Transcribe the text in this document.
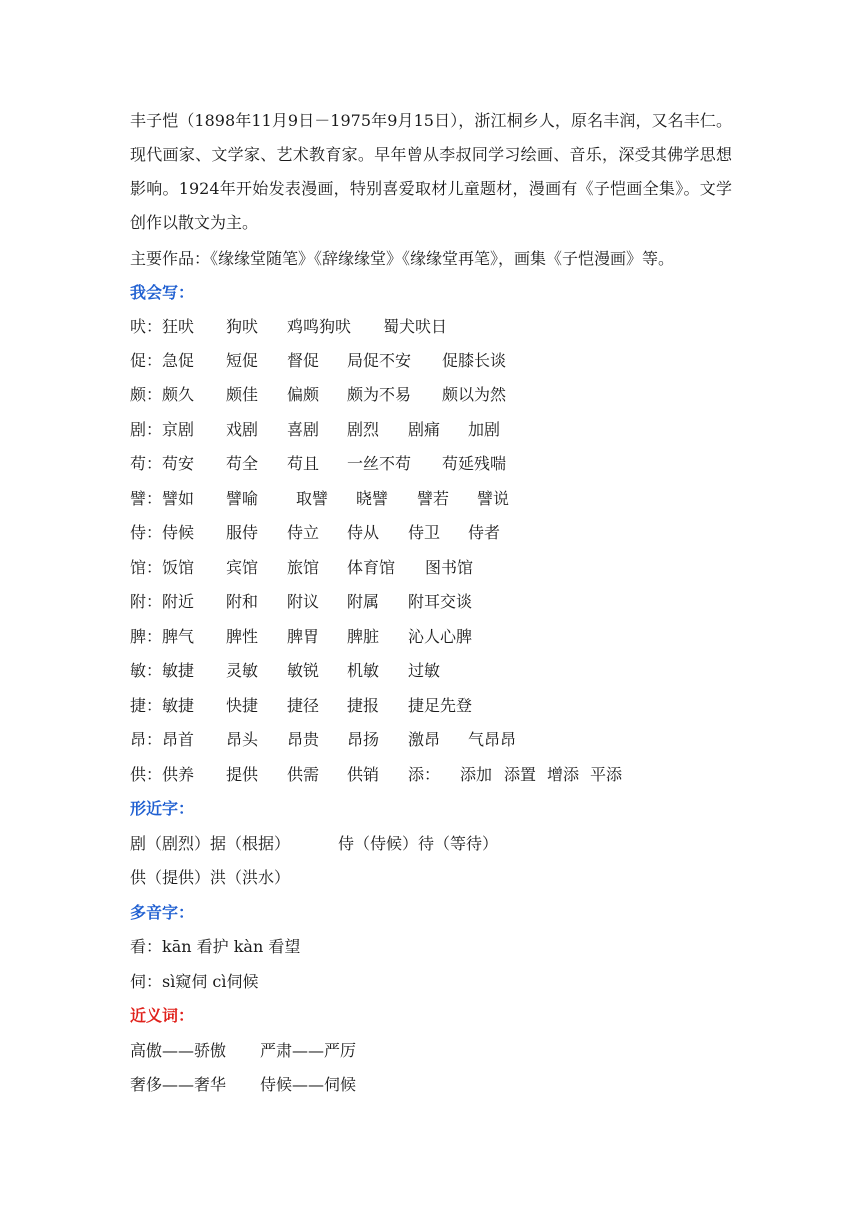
丰子恺（1898年11月9日－1975年9月15日），浙江桐乡人，原名丰润，又名丰仁。现代画家、文学家、艺术教育家。早年曾从李叔同学习绘画、音乐，深受其佛学思想影响。1924年开始发表漫画，特别喜爱取材儿童题材，漫画有《子恺画全集》。文学创作以散文为主。

主要作品：《缘缘堂随笔》《辞缘缘堂》《缘缘堂再笔》，画集《子恺漫画》等。
我会写：
吠：狂吠 狗吠 鸡鸣狗吠 蜀犬吠日
促：急促 短促 督促 局促不安 促膝长谈
颇：颇久 颇佳 偏颇 颇为不易 颇以为然
剧：京剧 戏剧 喜剧 剧烈 剧痛 加剧
苟：苟安 苟全 苟且 一丝不苟 苟延残喘
譬：譬如 譬喻 取譬 晓譬 譬若 譬说
侍：侍候 服侍 侍立 侍从 侍卫 侍者
馆：饭馆 宾馆 旅馆 体育馆 图书馆
附：附近 附和 附议 附属 附耳交谈
脾：脾气 脾性 脾胃 脾脏 沁人心脾
敏：敏捷 灵敏 敏锐 机敏 过敏
捷：敏捷 快捷 捷径 捷报 捷足先登
昂：昂首 昂头 昂贵 昂扬 激昂 气昂昂
供：供养 提供 供需 供销 添： 添加 添置 增添 平添
形近字：
剧（剧烈）据（根据）	侍（侍候）待（等待）
供（提供）洪（洪水）
多音字：
看：kān 看护 kàn 看望
伺：sì窥伺 cì伺候
近义词：
高傲——骄傲 严肃——严厉
奢侈——奢华 侍候——伺候
